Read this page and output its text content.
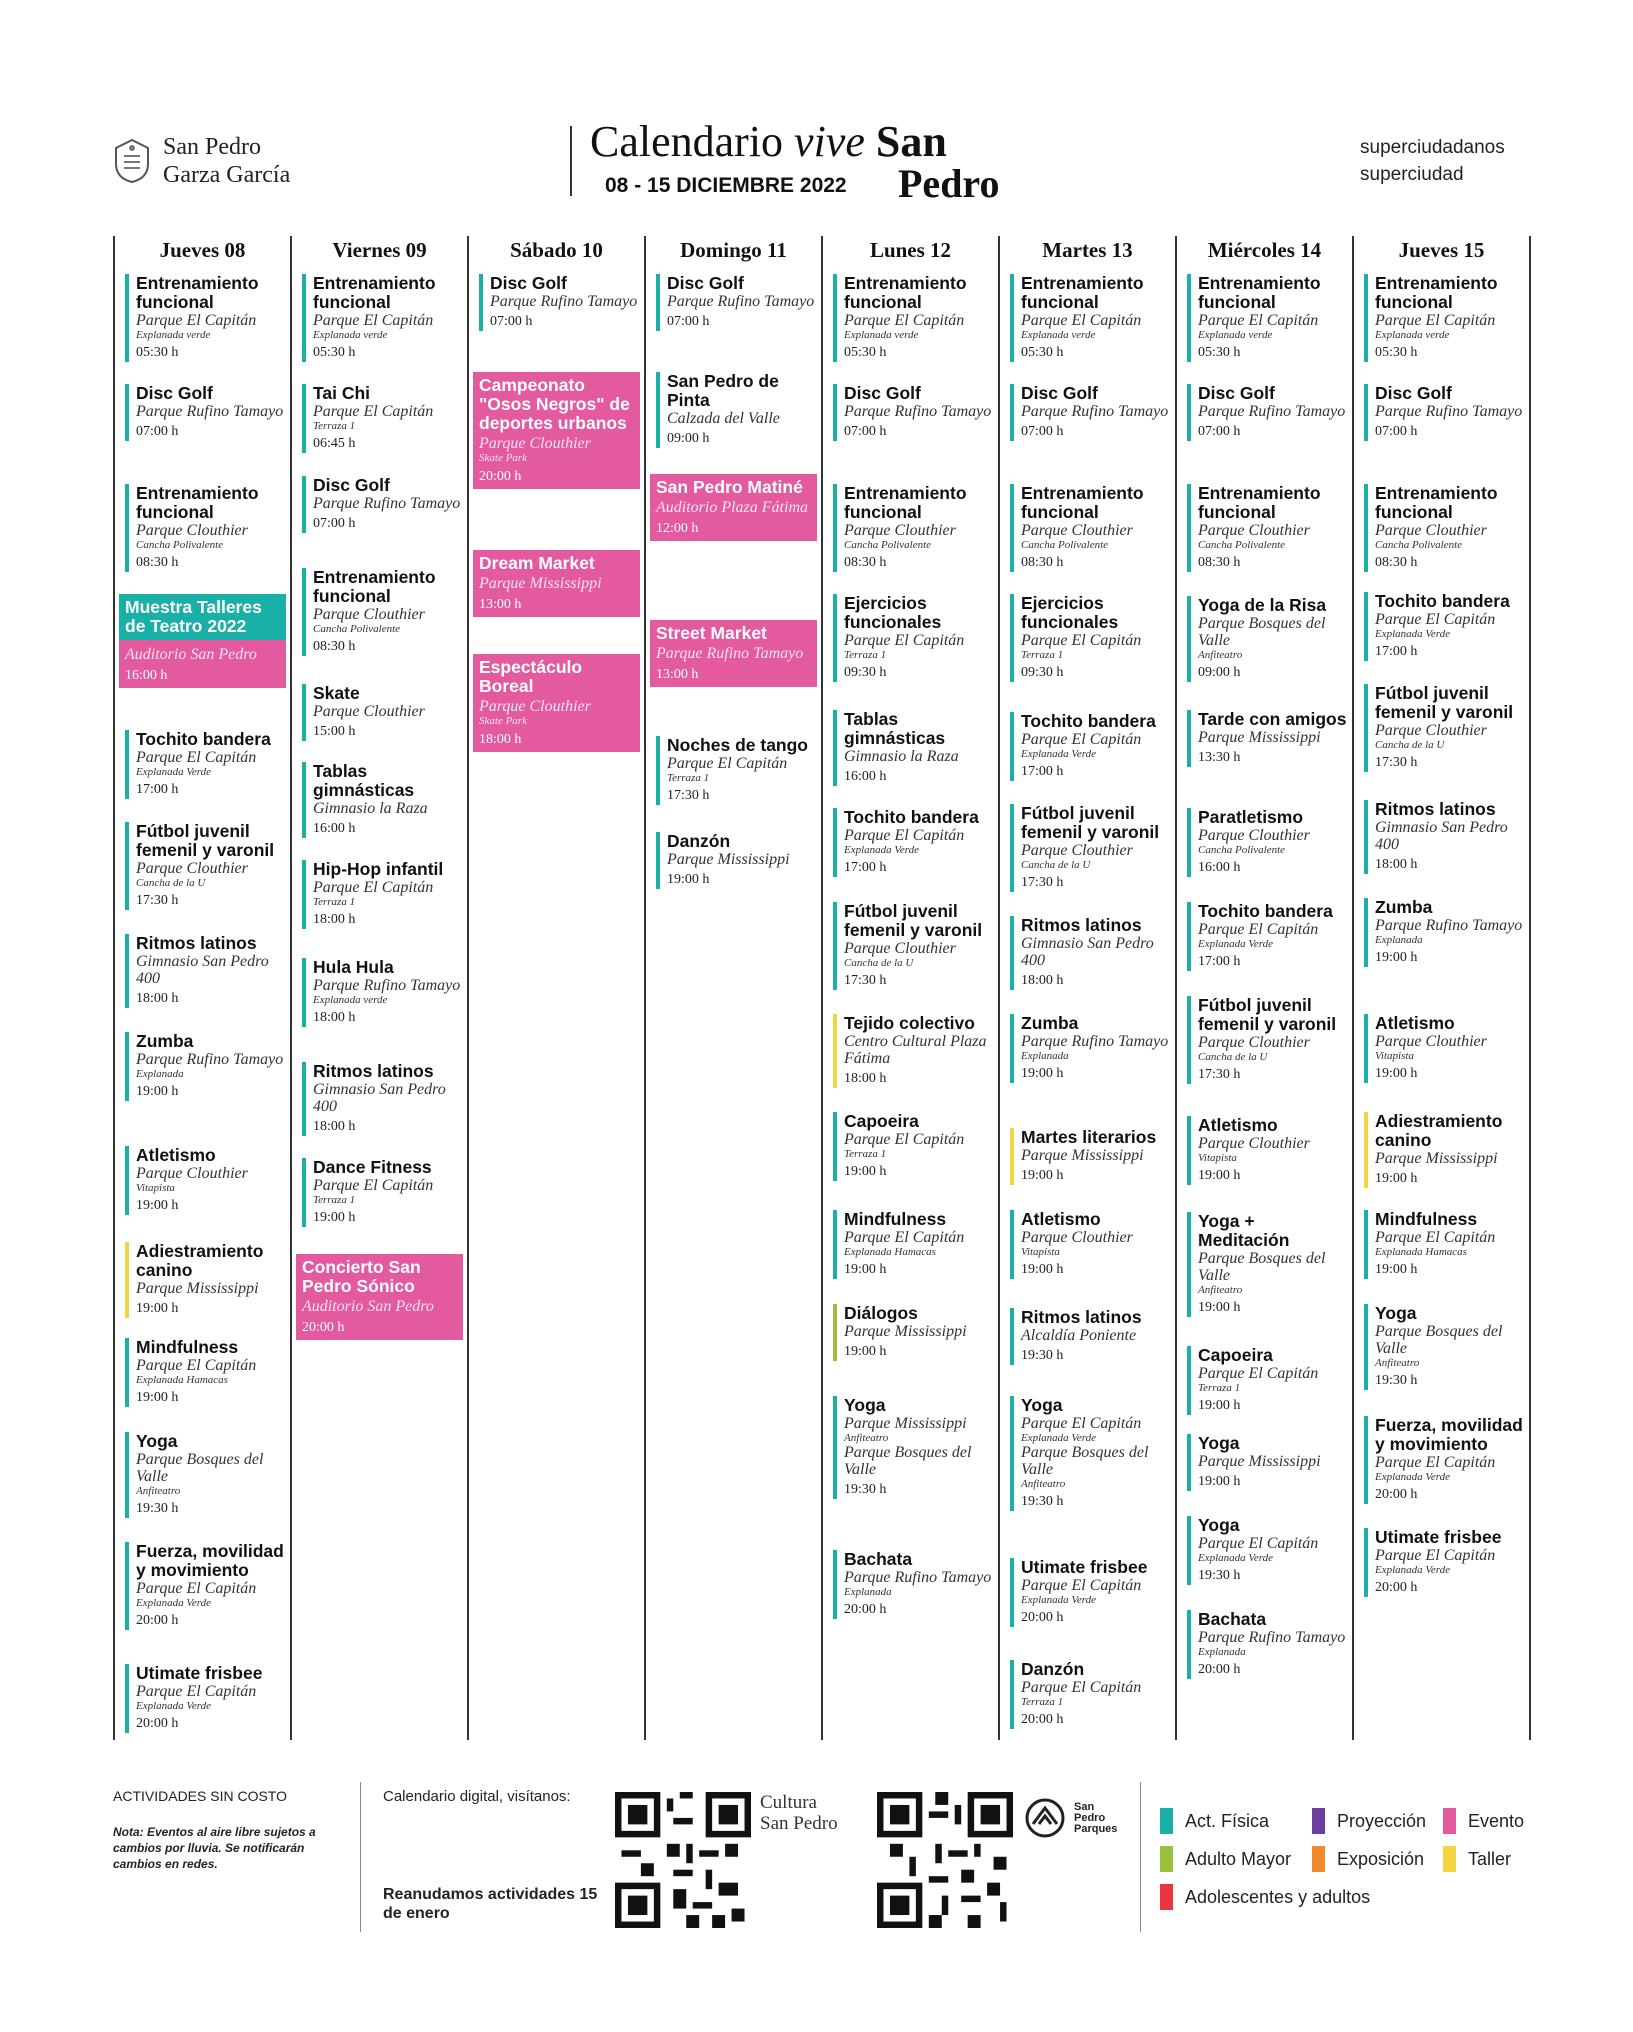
San Pedro
Garza García
Calendario vive San
Pedro
08 - 15 DICIEMBRE 2022
superciudadanos
superciudad
Jueves 08
Entrenamiento funcional
Parque El Capitán
Explanada verde
05:30 h
Disc Golf
Parque Rufino Tamayo
07:00 h
Entrenamiento funcional
Parque Clouthier
Cancha Polivalente
08:30 h
Muestra Talleres de Teatro 2022
Auditorio San Pedro
16:00 h
Tochito bandera
Parque El Capitán
Explanada Verde
17:00 h
Fútbol juvenil femenil y varonil
Parque Clouthier
Cancha de la U
17:30 h
Ritmos latinos
Gimnasio San Pedro 400
18:00 h
Zumba
Parque Rufino Tamayo
Explanada
19:00 h
Atletismo
Parque Clouthier
Vitapista
19:00 h
Adiestramiento canino
Parque Mississippi
19:00 h
Mindfulness
Parque El Capitán
Explanada Hamacas
19:00 h
Yoga
Parque Bosques del Valle
Anfiteatro
19:30 h
Fuerza, movilidad y movimiento
Parque El Capitán
Explanada Verde
20:00 h
Utimate frisbee
Parque El Capitán
Explanada Verde
20:00 h
Viernes 09
Entrenamiento funcional
Parque El Capitán
Explanada verde
05:30 h
Tai Chi
Parque El Capitán
Terraza 1
06:45 h
Disc Golf
Parque Rufino Tamayo
07:00 h
Entrenamiento funcional
Parque Clouthier
Cancha Polivalente
08:30 h
Skate
Parque Clouthier
15:00 h
Tablas gimnásticas
Gimnasio la Raza
16:00 h
Hip-Hop infantil
Parque El Capitán
Terraza 1
18:00 h
Hula Hula
Parque Rufino Tamayo
Explanada verde
18:00 h
Ritmos latinos
Gimnasio San Pedro 400
18:00 h
Dance Fitness
Parque El Capitán
Terraza 1
19:00 h
Concierto San Pedro Sónico
Auditorio San Pedro
20:00 h
Sábado 10
Disc Golf
Parque Rufino Tamayo
07:00 h
Campeonato "Osos Negros" de deportes urbanos
Parque Clouthier
Skate Park
20:00 h
Dream Market
Parque Mississippi
13:00 h
Espectáculo Boreal
Parque Clouthier
Skate Park
18:00 h
Domingo 11
Disc Golf
Parque Rufino Tamayo
07:00 h
San Pedro de Pinta
Calzada del Valle
09:00 h
San Pedro Matiné
Auditorio Plaza Fátima
12:00 h
Street Market
Parque Rufino Tamayo
13:00 h
Noches de tango
Parque El Capitán
Terraza 1
17:30 h
Danzón
Parque Mississippi
19:00 h
Lunes 12
Entrenamiento funcional
Parque El Capitán
Explanada verde
05:30 h
Disc Golf
Parque Rufino Tamayo
07:00 h
Entrenamiento funcional
Parque Clouthier
Cancha Polivalente
08:30 h
Ejercicios funcionales
Parque El Capitán
Terraza 1
09:30 h
Tablas gimnásticas
Gimnasio la Raza
16:00 h
Tochito bandera
Parque El Capitán
Explanada Verde
17:00 h
Fútbol juvenil femenil y varonil
Parque Clouthier
Cancha de la U
17:30 h
Tejido colectivo
Centro Cultural Plaza Fátima
18:00 h
Capoeira
Parque El Capitán
Terraza 1
19:00 h
Mindfulness
Parque El Capitán
Explanada Hamacas
19:00 h
Diálogos
Parque Mississippi
19:00 h
Yoga
Parque Mississippi
Anfiteatro
Parque Bosques del Valle
19:30 h
Bachata
Parque Rufino Tamayo
Explanada
20:00 h
Martes 13
Entrenamiento funcional
Parque El Capitán
Explanada verde
05:30 h
Disc Golf
Parque Rufino Tamayo
07:00 h
Entrenamiento funcional
Parque Clouthier
Cancha Polivalente
08:30 h
Ejercicios funcionales
Parque El Capitán
Terraza 1
09:30 h
Tochito bandera
Parque El Capitán
Explanada Verde
17:00 h
Fútbol juvenil femenil y varonil
Parque Clouthier
Cancha de la U
17:30 h
Ritmos latinos
Gimnasio San Pedro 400
18:00 h
Zumba
Parque Rufino Tamayo
Explanada
19:00 h
Martes literarios
Parque Mississippi
19:00 h
Atletismo
Parque Clouthier
Vitapista
19:00 h
Ritmos latinos
Alcaldía Poniente
19:30 h
Yoga
Parque El Capitán
Explanada Verde
Parque Bosques del Valle
Anfiteatro
19:30 h
Utimate frisbee
Parque El Capitán
Explanada Verde
20:00 h
Danzón
Parque El Capitán
Terraza 1
20:00 h
Miércoles 14
Entrenamiento funcional
Parque El Capitán
Explanada verde
05:30 h
Disc Golf
Parque Rufino Tamayo
07:00 h
Entrenamiento funcional
Parque Clouthier
Cancha Polivalente
08:30 h
Yoga de la Risa
Parque Bosques del Valle
Anfiteatro
09:00 h
Tarde con amigos
Parque Mississippi
13:30 h
Paratletismo
Parque Clouthier
Cancha Polivalente
16:00 h
Tochito bandera
Parque El Capitán
Explanada Verde
17:00 h
Fútbol juvenil femenil y varonil
Parque Clouthier
Cancha de la U
17:30 h
Atletismo
Parque Clouthier
Vitapista
19:00 h
Yoga + Meditación
Parque Bosques del Valle
Anfiteatro
19:00 h
Capoeira
Parque El Capitán
Terraza 1
19:00 h
Yoga
Parque Mississippi
19:00 h
Yoga
Parque El Capitán
Explanada Verde
19:30 h
Bachata
Parque Rufino Tamayo
Explanada
20:00 h
Jueves 15
Entrenamiento funcional
Parque El Capitán
Explanada verde
05:30 h
Disc Golf
Parque Rufino Tamayo
07:00 h
Entrenamiento funcional
Parque Clouthier
Cancha Polivalente
08:30 h
Tochito bandera
Parque El Capitán
Explanada Verde
17:00 h
Fútbol juvenil femenil y varonil
Parque Clouthier
Cancha de la U
17:30 h
Ritmos latinos
Gimnasio San Pedro 400
18:00 h
Zumba
Parque Rufino Tamayo
Explanada
19:00 h
Atletismo
Parque Clouthier
Vitapista
19:00 h
Adiestramiento canino
Parque Mississippi
19:00 h
Mindfulness
Parque El Capitán
Explanada Hamacas
19:00 h
Yoga
Parque Bosques del Valle
Anfiteatro
19:30 h
Fuerza, movilidad y movimiento
Parque El Capitán
Explanada Verde
20:00 h
Utimate frisbee
Parque El Capitán
Explanada Verde
20:00 h
ACTIVIDADES SIN COSTO
Nota: Eventos al aire libre sujetos a cambios por lluvia. Se notificarán cambios en redes.
Calendario digital, visítanos:
Reanudamos actividades 15 de enero
Cultura
San Pedro
San
Pedro
Parques	Act. Física	Proyección Evento
Adulto Mayor	Exposición Taller
Adolescentes y adultos
